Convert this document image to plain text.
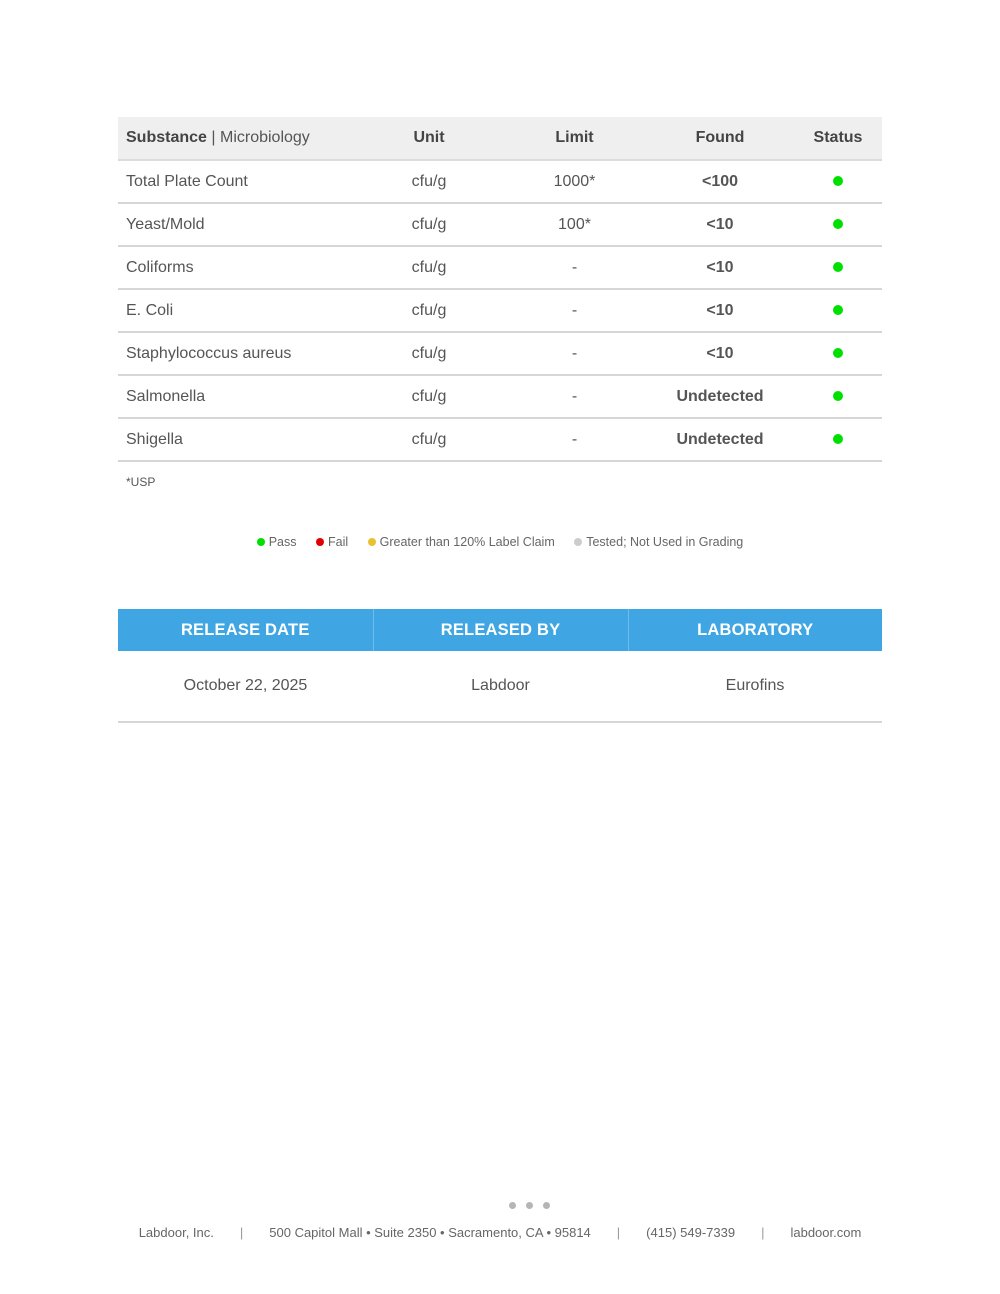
Substance | Microbiology	Unit	Limit	Found	Status
Total Plate Count	cfu/g	1000*	<100	
Yeast/Mold	cfu/g	100*	<10	
Coliforms	cfu/g	-	<10	
E. Coli	cfu/g	-	<10	
Staphylococcus aureus	cfu/g	-	<10	
Salmonella	cfu/g	-	Undetected	
Shigella	cfu/g	-	Undetected	
*USP
Pass	Fail	Greater than 120% Label Claim	Tested; Not Used in Grading
RELEASE DATE	RELEASED BY	LABORATORY
October 22, 2025	Labdoor	Eurofins
Labdoor, Inc. | 500 Capitol Mall • Suite 2350 • Sacramento, CA • 95814 | (415) 549-7339 | labdoor.com
